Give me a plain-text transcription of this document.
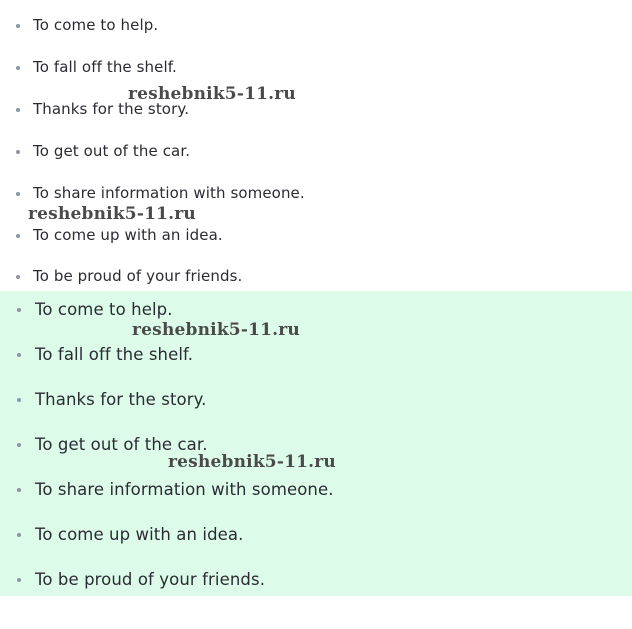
To come to help.
To fall off the shelf.
Thanks for the story.
To get out of the car.
To share information with someone.
To come up with an idea.
To be proud of your friends.
To come to help.
To fall off the shelf.
Thanks for the story.
To get out of the car.
To share information with someone.
To come up with an idea.
To be proud of your friends.
reshebnik5-11.ru
reshebnik5-11.ru
reshebnik5-11.ru
reshebnik5-11.ru
